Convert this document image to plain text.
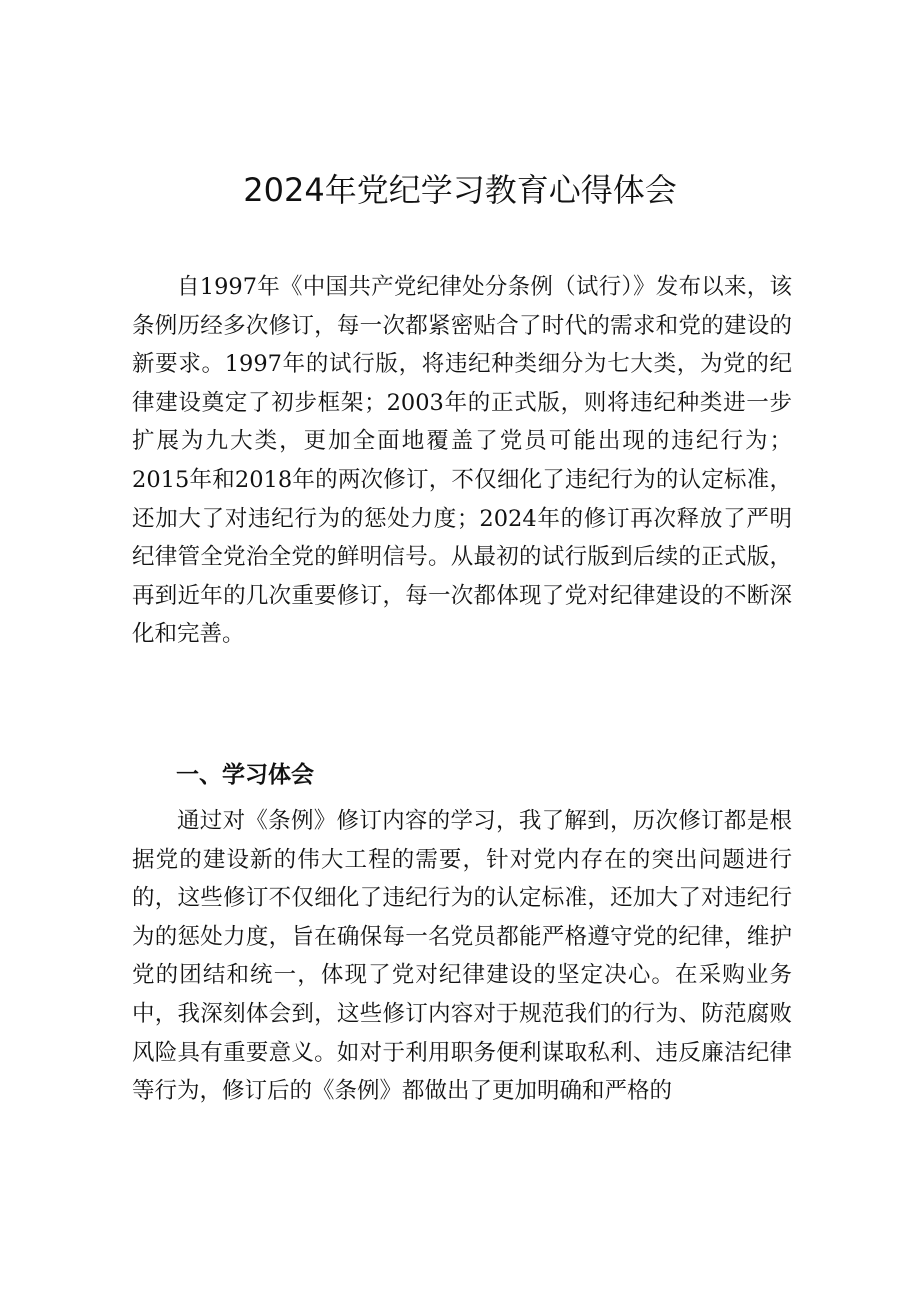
2024年党纪学习教育心得体会

自1997年《中国共产党纪律处分条例（试行）》发布以来，该条例历经多次修订，每一次都紧密贴合了时代的需求和党的建设的新要求。1997年的试行版，将违纪种类细分为七大类，为党的纪律建设奠定了初步框架；2003年的正式版，则将违纪种类进一步扩展为九大类，更加全面地覆盖了党员可能出现的违纪行为；2015年和2018年的两次修订，不仅细化了违纪行为的认定标准，还加大了对违纪行为的惩处力度；2024年的修订再次释放了严明纪律管全党治全党的鲜明信号。从最初的试行版到后续的正式版，再到近年的几次重要修订，每一次都体现了党对纪律建设的不断深化和完善。

一、学习体会

通过对《条例》修订内容的学习，我了解到，历次修订都是根据党的建设新的伟大工程的需要，针对党内存在的突出问题进行的，这些修订不仅细化了违纪行为的认定标准，还加大了对违纪行为的惩处力度，旨在确保每一名党员都能严格遵守党的纪律，维护党的团结和统一，体现了党对纪律建设的坚定决心。在采购业务中，我深刻体会到，这些修订内容对于规范我们的行为、防范腐败风险具有重要意义。如对于利用职务便利谋取私利、违反廉洁纪律等行为，修订后的《条例》都做出了更加明确和严格的
